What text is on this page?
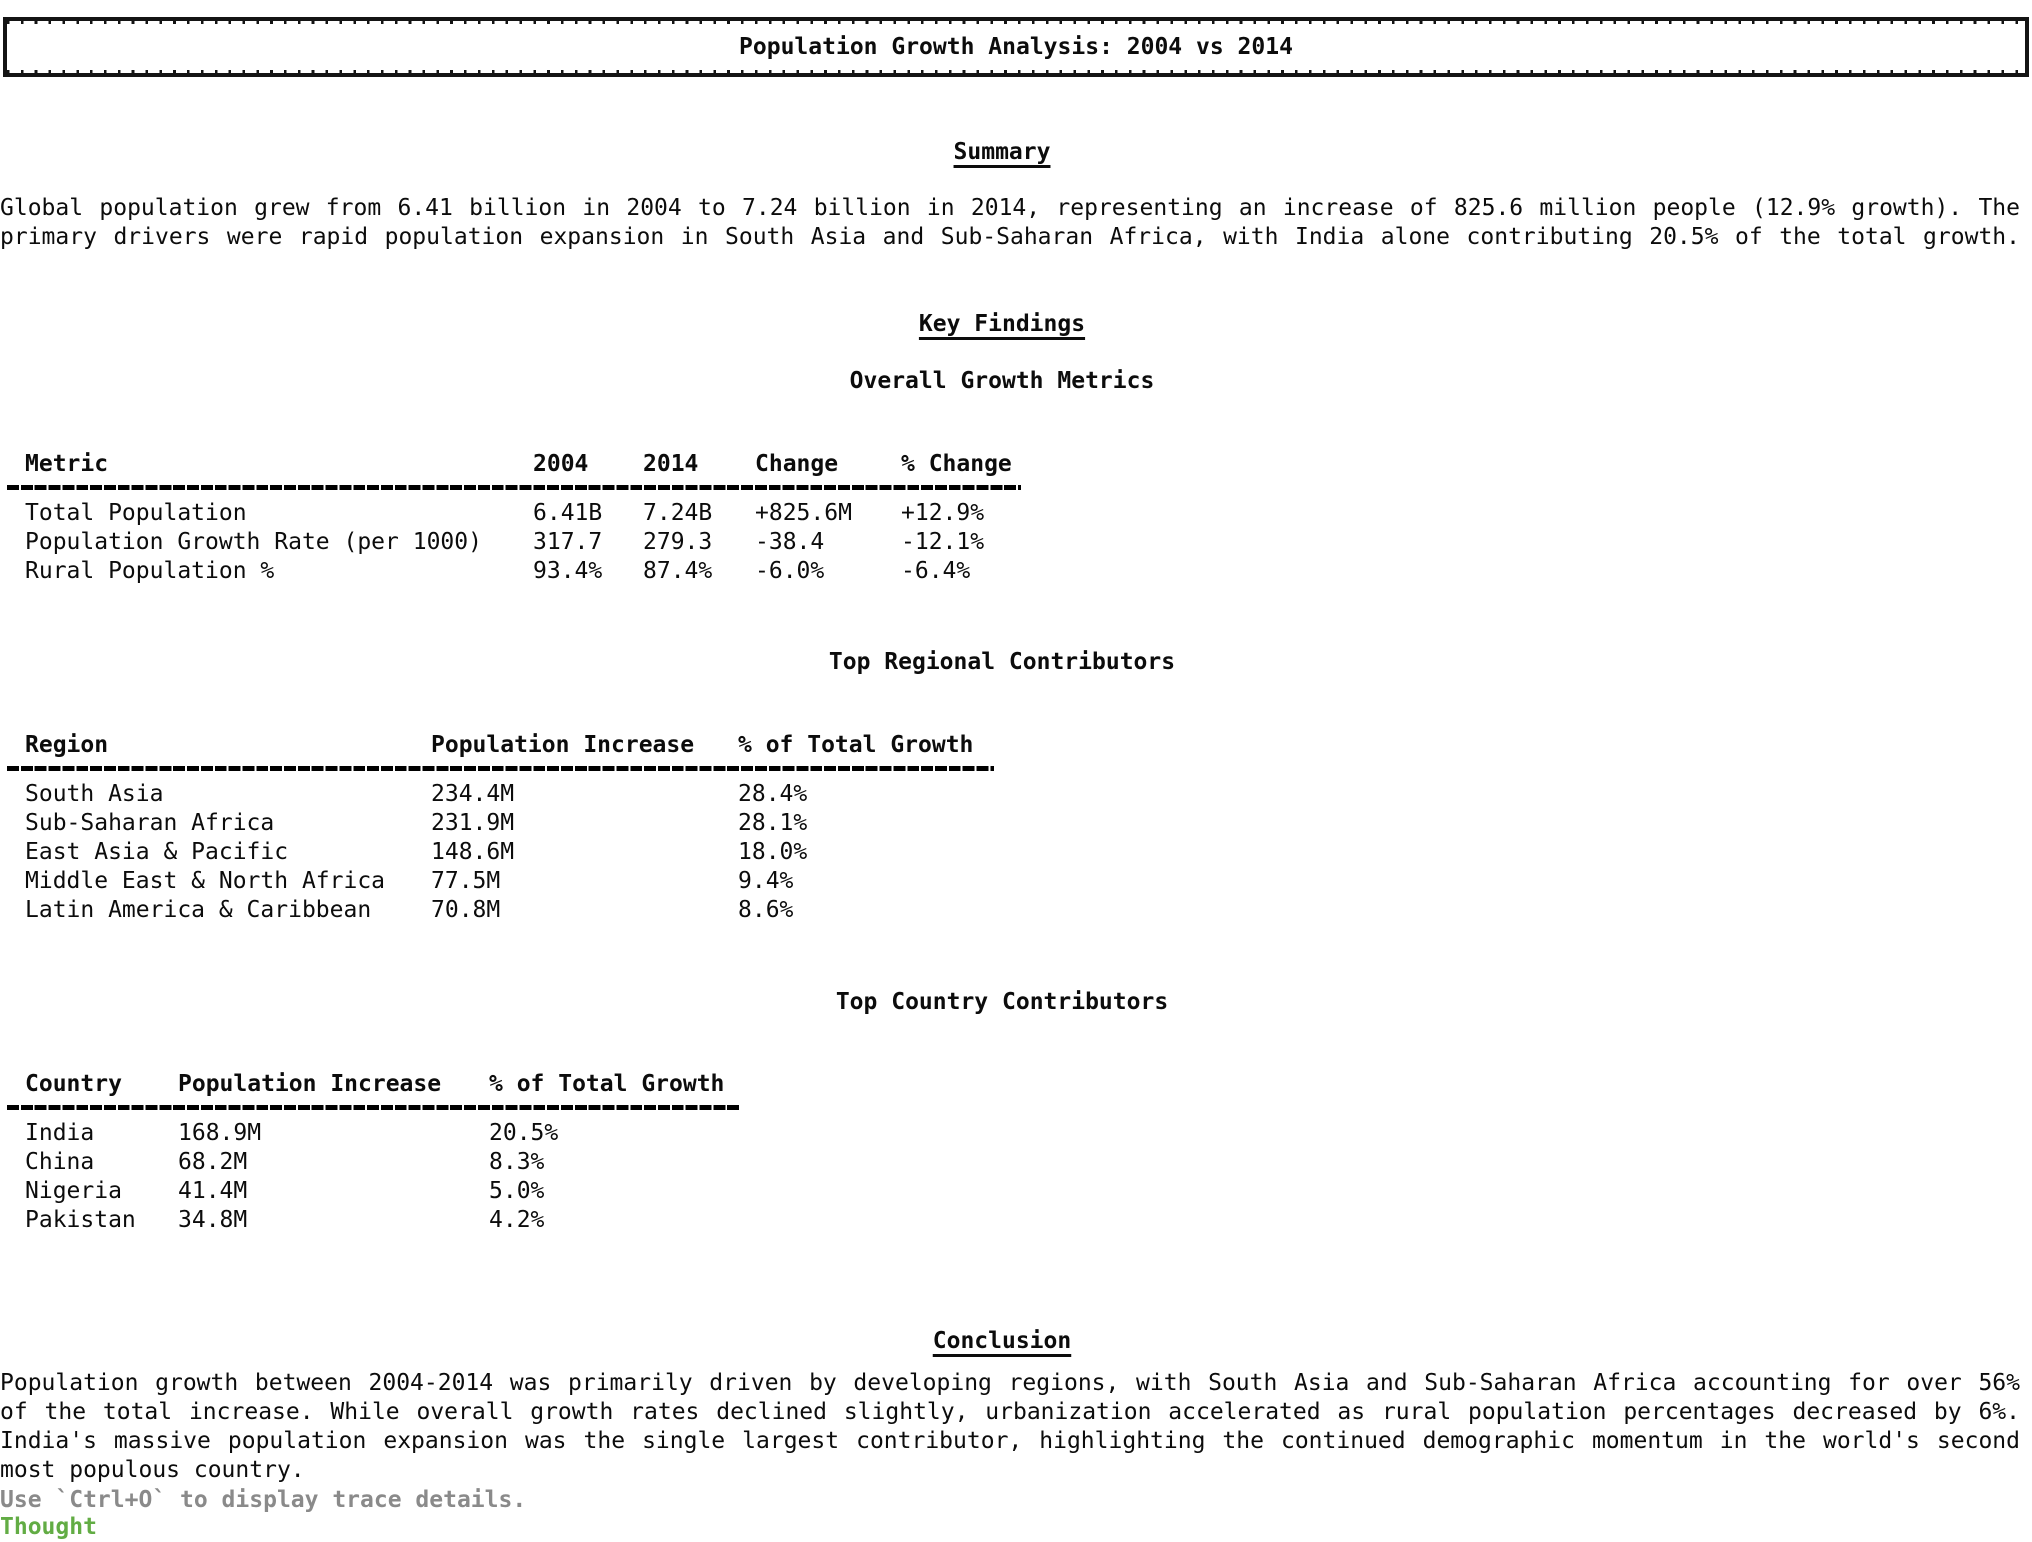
Population Growth Analysis: 2004 vs 2014
Summary
Global population grew from 6.41 billion in 2004 to 7.24 billion in 2014, representing an increase of 825.6 million people (12.9% growth). The
primary drivers were rapid population expansion in South Asia and Sub-Saharan Africa, with India alone contributing 20.5% of the total growth.
Key Findings
Overall Growth Metrics
Metric	2004	2014	Change	% Change
Total Population	6.41B	7.24B	+825.6M	+12.9%
Population Growth Rate (per 1000)	317.7	279.3	-38.4	-12.1%
Rural Population %	93.4%	87.4%	-6.0%	-6.4%
Top Regional Contributors
Region	Population Increase	% of Total Growth
South Asia	234.4M	28.4%
Sub-Saharan Africa	231.9M	28.1%
East Asia & Pacific	148.6M	18.0%
Middle East & North Africa	77.5M	9.4%
Latin America & Caribbean	70.8M	8.6%
Top Country Contributors
Country	Population Increase	% of Total Growth
India	168.9M	20.5%
China	68.2M	8.3%
Nigeria	41.4M	5.0%
Pakistan	34.8M	4.2%
Conclusion
Population growth between 2004-2014 was primarily driven by developing regions, with South Asia and Sub-Saharan Africa accounting for over 56%
of the total increase. While overall growth rates declined slightly, urbanization accelerated as rural population percentages decreased by 6%.
India's massive population expansion was the single largest contributor, highlighting the continued demographic momentum in the world's second
most populous country.
Use `Ctrl+O` to display trace details.
Thought
